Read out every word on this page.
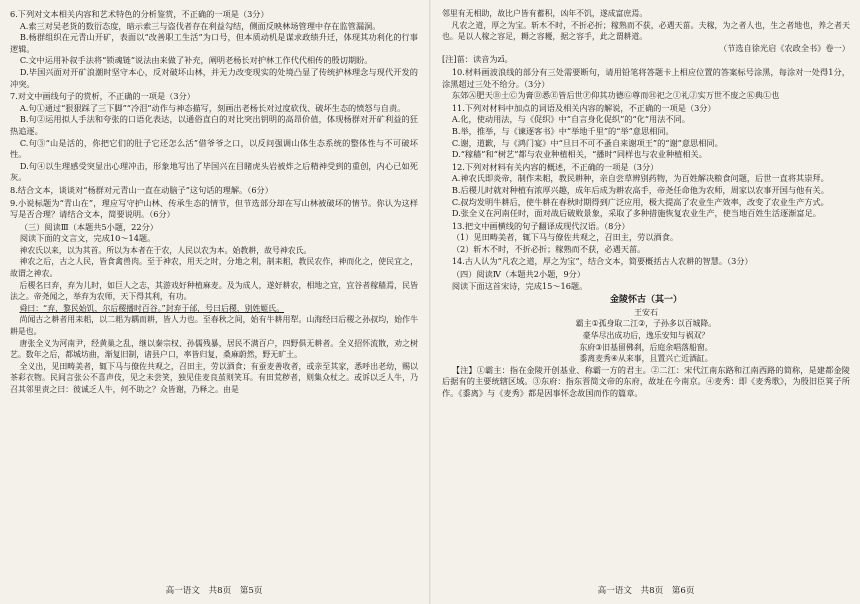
6.下列对文本相关内容和艺术特色的分析鉴赏，不正确的一项是（3分）

A.索三对吴老货的数衍态度，暗示索三与盗伐者存在利益勾结，侧面反映林场管理中存在监管漏洞。

B.杨群组织在元青山开矿，表面以“改善职工生活”为口号，但本质动机是谋求政绩升迁，体现其功利化的行事逻辑。

C.文中运用补叙手法将“锁魂链”说法由来做了补充，阐明老杨长对护林工作代代相传的殷切期盼。

D.毕国兴面对开矿浪潮时坚守本心，反对破坏山林，并无力改变现实的处境凸显了传统护林理念与现代开发的冲突。

7.对文中画线句子的赏析，不正确的一项是（3分）

A.句①通过“狠狠踩了三下脚”“冷泪”动作与神态描写，刻画出老杨长对过度砍伐、破坏生态的愤怒与自责。

B.句②运用拟人手法和夸张的口语化表达，以通俗直白的对比突出钥明的高昂价值，体现杨群对开矿利益的狂热追逐。

C.句③“山是活的，你把它们的肚子它还怎么活”借爷爷之口，以反问强调山体生态系统的整体性与不可破坏性。

D.句④以生理感受突显出心理冲击，形象地写出了毕国兴在目睹虎头岩被炸之后精神受到的重创，内心已如死灰。

8.结合文本，谈谈对“杨群对元青山一直在动脑子”这句话的理解。（6分）

9.小说标题为“青山在”，理应写守护山林、传承生态的情节，但节选部分却在写山林被破坏的情节。你认为这样写是否合理？请结合文本，简要说明。（6分）

（三）阅读Ⅲ（本题共5小题，22分）

阅读下面的文言文，完成10～14题。

神农氏以来，以为其首。所以为本者在于农，人民以农为本。始教耕，故号神农氏。

神农之后，古之人民，皆食禽兽肉。至于神农，用天之时，分地之利，制耒耜，教民农作，神而化之，使民宜之，故谓之神农。

后稷名曰弃，弃为儿时，如巨人之志，其游戏好种植麻麦。及为成人，遂好耕农，相地之宜，宜谷者稼穑焉，民皆法之。帝尧闻之，举弃为农师，天下得其利，有功。

舜曰：“弃，黎民始饥，尔后稷播时百谷。”封弃于邰，号曰后稷，别姓姬氏。

尚闻古之耕者用耒耜，以二耜为耦而耕，皆人力也。至春秋之间，始有牛耕用犁。山海经曰后稷之孙叔均，始作牛耕是也。

唐张全义为河南尹，经黄巢之乱，继以秦宗权、孙儒残暴，居民不满百户，四野俱无耕者。全义招怀流散，劝之树艺。数年之后，都城坊曲，渐复旧制，诸县户口，率皆归复，桑麻蔚然，野无旷土。

全义出，见田畴美者，辄下马与僚佐共观之，召田主，劳以酒食；有蚕麦善收者，或亲至其家，悉呼出老幼，赐以茶彩衣物。民间言张公不喜声伎，见之未尝笑，独见佳麦良茧则笑耳。有田荒秽者，则集众杖之。或诉以乏人牛，乃召其邻里责之曰：彼诚乏人牛，何不助之？众皆谢，乃释之。由是

高一语文　共8页　第5页

邻里有无相助，故比户皆有蓄积，凶年不饥，遂成富庶焉。

凡农之道，厚之为宝。斩木不时，不折必折；稼熟而不获，必遇天菑。夫稼，为之者人也，生之者地也，养之者天也。是以人稼之容足，耨之容耰，据之容手，此之谓耕道。

（节选自徐光启《农政全书》卷一）

[注]菑：读音为zī。

10.材料画波浪线的部分有三处需要断句，请用铅笔将答题卡上相应位置的答案标号涂黑，每涂对一处得1分，涂黑超过三处不给分。（3分）

东郊Ⓐ肥天Ⓑ土Ⓒ为膏Ⓓ悉Ⓔ皆后世Ⓕ仰其功德Ⓖ尊而Ⓗ祀之Ⓘ礼Ⓙ实万世不废之Ⓚ典Ⓛ也

11.下列对材料中加点的词语及相关内容的解说，不正确的一项是（3分）

A.化，使动用法，与《促织》中“自言身化促织”的“化”用法不同。

B.举，推举，与《谏逐客书》中“举地千里”的“举”意思相同。

C.谢，道歉，与《鸿门宴》中“旦日不可不蚤自来谢项王”的“谢”意思相同。

D.“稼穑”和“树艺”都与农业种植相关，“播时”同样也与农业种植相关。

12.下列对材料有关内容的概述，不正确的一项是（3分）

A.神农氏即炎帝，制作耒耜，教民耕种，亲自尝草辨别药物，为百姓解决粮食问题，后世一直将其崇拜。

B.后稷儿时就对种植有浓厚兴趣，成年后成为耕农高手，帝尧任命他为农师，周家以农事开国与他有关。

C.叔均发明牛耕后，使牛耕在春秋时期得到广泛应用，极大提高了农业生产效率，改变了农业生产方式。

D.张全义在河南任时，面对战后破败景象，采取了多种措施恢复农业生产，使当地百姓生活逐渐富足。

13.把文中画横线的句子翻译成现代汉语。（8分）

（1）见田畴美者，辄下马与僚佐共观之，召田主，劳以酒食。

（2）斩木不时，不折必折；稼熟而不获，必遇天菑。

14.古人认为“凡农之道，厚之为宝”，结合文本，简要概括古人农耕的智慧。（3分）

（四）阅读Ⅳ（本题共2小题，9分）

阅读下面这首宋诗，完成15～16题。

金陵怀古（其一）

王安石

霸主①孤身取二江②，子孙多以百城降。

豪华尽出成功后，逸乐安知与祸双？

东府③旧基留佛刹，后庭余唱落船窗。

黍离麦秀④从来事，且置兴亡近酒缸。

【注】①霸主：指在金陵开创基业、称霸一方的君主。②二江：宋代江南东路和江南西路的简称，是建都金陵后据有的主要统辖区域。③东府：指东晋简文帝的东府，故址在今南京。④麦秀：即《麦秀歌》，为殷旧臣箕子所作。《黍离》与《麦秀》都是因事怀念故国而作的篇章。

高一语文　共8页　第6页
